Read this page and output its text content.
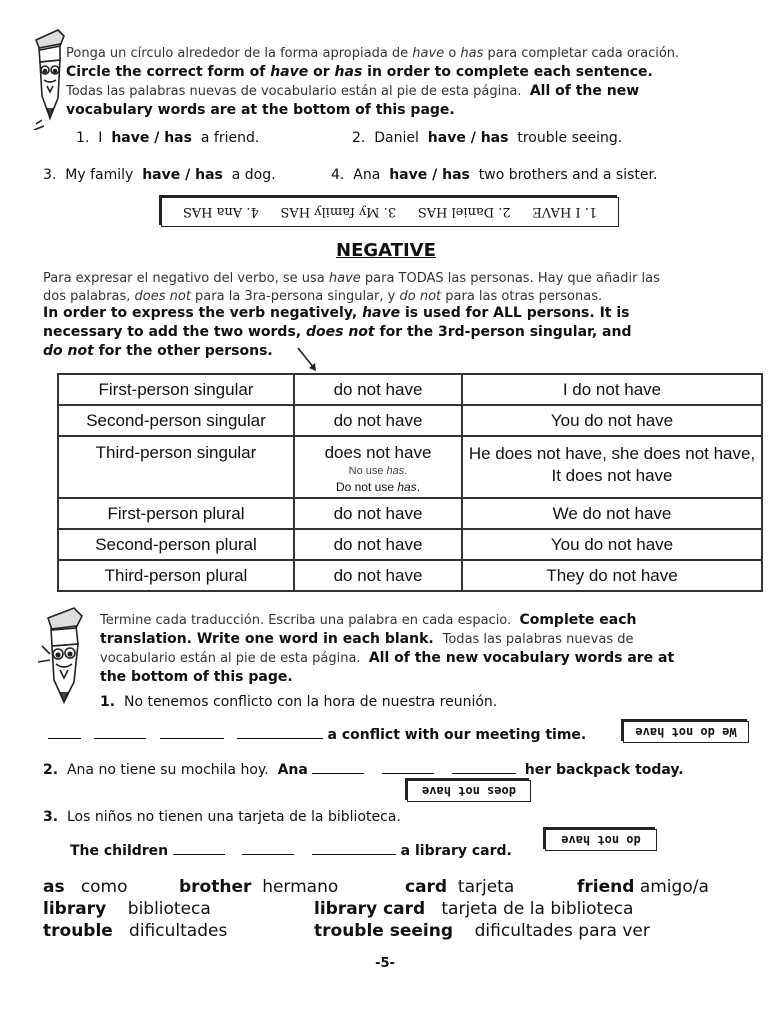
Ponga un círculo alrededor de la forma apropiada de have o has para completar cada oración.
Circle the correct form of have or has in order to complete each sentence.
Todas las palabras nuevas de vocabulario están al pie de esta página. All of the new
vocabulary words are at the bottom of this page.
1. I have / has a friend.	2. Daniel have / has trouble seeing.
3. My family have / has a dog.	4. Ana have / has two brothers and a sister.
1. I HAVE
2. Daniel HAS
3. My family HAS
4. Ana HAS
NEGATIVE
Para expresar el negativo del verbo, se usa have para TODAS las personas. Hay que añadir las
dos palabras, does not para la 3ra-persona singular, y do not para las otras personas.
In order to express the verb negatively, have is used for ALL persons. It is
necessary to add the two words, does not for the 3rd-person singular, and
do not for the other persons.
First-person singular	do not have	I do not have
Second-person singular	do not have	You do not have
Third-person singular	does not have
No use has.
Do not use has.	He does not have, she does not have, It does not have
First-person plural	do not have	We do not have
Second-person plural	do not have	You do not have
Third-person plural	do not have	They do not have
Termine cada traducción. Escriba una palabra en cada espacio. Complete each
translation. Write one word in each blank. Todas las palabras nuevas de
vocabulario están al pie de esta página. All of the new vocabulary words are at
the bottom of this page.
1. No tenemos conflicto con la hora de nuestra reunión.
a conflict with our meeting time.	We do not have
2. Ana no tiene su mochila hoy. Ana	her backpack today.
does not have
3. Los niños no tienen una tarjeta de la biblioteca.
The children	a library card.
do not have
as como	brother hermano	card tarjeta	friend amigo/a
library biblioteca	library card tarjeta de la biblioteca
trouble dificultades	trouble seeing dificultades para ver
-5-
